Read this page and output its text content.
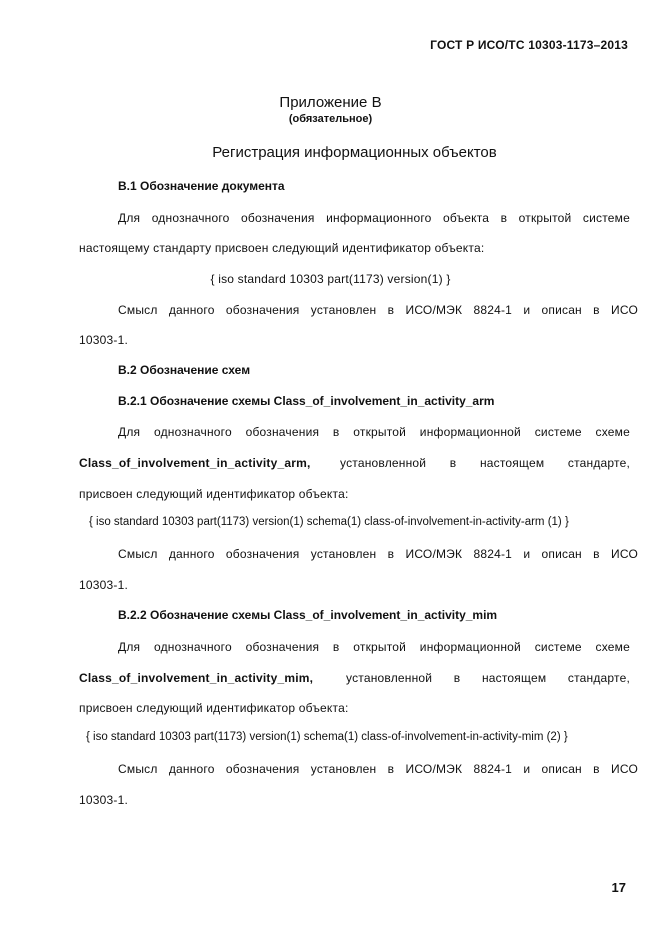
ГОСТ Р ИСО/ТС 10303-1173–2013
Приложение В
(обязательное)
Регистрация информационных объектов
В.1 Обозначение документа
Для однозначного обозначения информационного объекта в открытой системе
настоящему стандарту присвоен следующий идентификатор объекта:
{ iso standard 10303 part(1173) version(1) }
Смысл данного обозначения установлен в ИСО/МЭК 8824-1 и описан в ИСО
10303-1.
В.2 Обозначение схем
В.2.1 Обозначение схемы Class_of_involvement_in_activity_arm
Для однозначного обозначения в открытой информационной системе схеме
Class_of_involvement_in_activity_arm, установленной в настоящем стандарте,
присвоен следующий идентификатор объекта:
{ iso standard 10303 part(1173) version(1) schema(1) class-of-involvement-in-activity-arm (1) }
Смысл данного обозначения установлен в ИСО/МЭК 8824-1 и описан в ИСО
10303-1.
В.2.2 Обозначение схемы Class_of_involvement_in_activity_mim
Для однозначного обозначения в открытой информационной системе схеме
Class_of_involvement_in_activity_mim,	установленной в настоящем стандарте,
присвоен следующий идентификатор объекта:
{ iso standard 10303 part(1173) version(1) schema(1) class-of-involvement-in-activity-mim (2) }
Смысл данного обозначения установлен в ИСО/МЭК 8824-1 и описан в ИСО
10303-1.
17
